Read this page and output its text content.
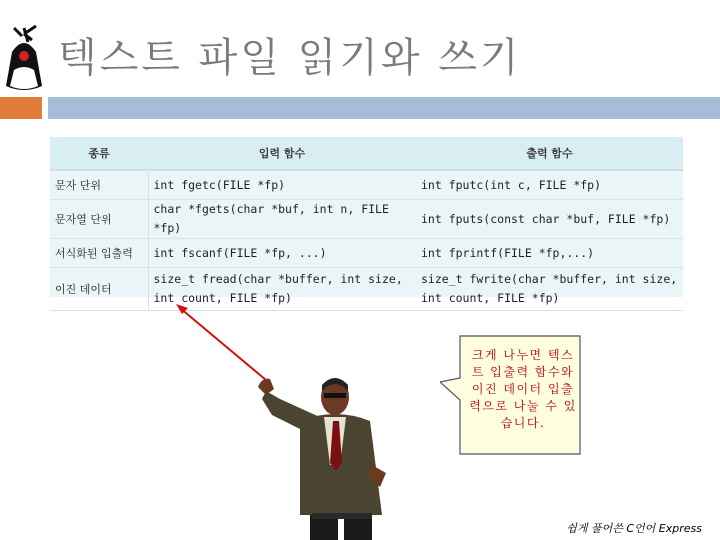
텍스트 파일 읽기와 쓰기
종류	입력 함수	출력 함수
문자 단위	int fgetc(FILE *fp)	int fputc(int c, FILE *fp)
문자열 단위	char *fgets(char *buf, int n, FILE *fp)	int fputs(const char *buf, FILE *fp)
서식화된 입출력	int fscanf(FILE *fp, ...)	int fprintf(FILE *fp,...)
이진 데이터	size_t fread(char *buffer, int size, int count, FILE *fp)	size_t fwrite(char *buffer, int size, int count, FILE *fp)
크게 나누면 텍스트 입출력 함수와 이진 데이터 입출력으로 나눌 수 있습니다.
쉽게 풀어쓴 C언어 Express
